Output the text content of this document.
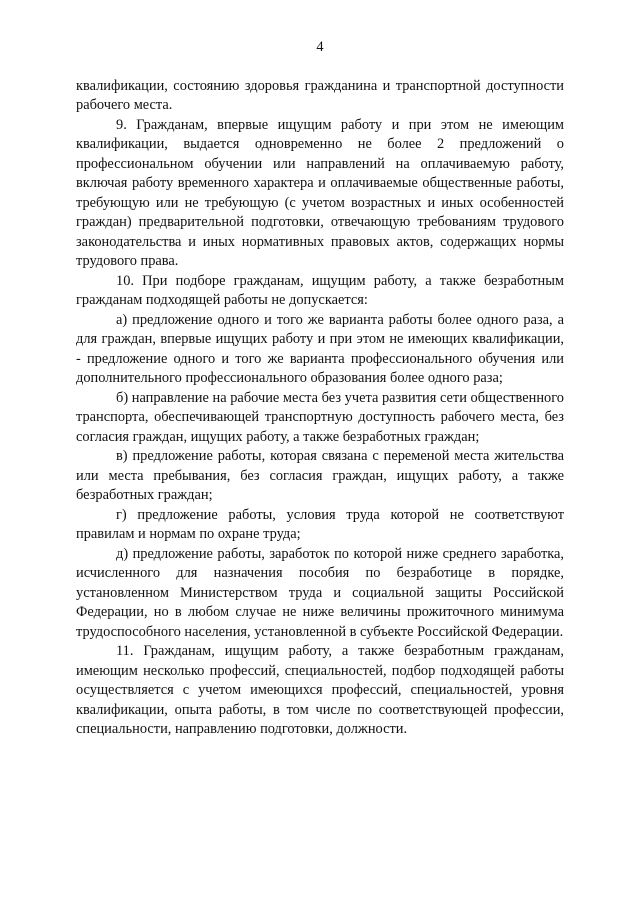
4

квалификации, состоянию здоровья гражданина и транспортной доступности рабочего места.

9. Гражданам, впервые ищущим работу и при этом не имеющим квалификации, выдается одновременно не более 2 предложений о профессиональном обучении или направлений на оплачиваемую работу, включая работу временного характера и оплачиваемые общественные работы, требующую или не требующую (с учетом возрастных и иных особенностей граждан) предварительной подготовки, отвечающую требованиям трудового законодательства и иных нормативных правовых актов, содержащих нормы трудового права.

10. При подборе гражданам, ищущим работу, а также безработным гражданам подходящей работы не допускается:

а) предложение одного и того же варианта работы более одного раза, а для граждан, впервые ищущих работу и при этом не имеющих квалификации, - предложение одного и того же варианта профессионального обучения или дополнительного профессионального образования более одного раза;

б) направление на рабочие места без учета развития сети общественного транспорта, обеспечивающей транспортную доступность рабочего места, без согласия граждан, ищущих работу, а также безработных граждан;

в) предложение работы, которая связана с переменой места жительства или места пребывания, без согласия граждан, ищущих работу, а также безработных граждан;

г) предложение работы, условия труда которой не соответствуют правилам и нормам по охране труда;

д) предложение работы, заработок по которой ниже среднего заработка, исчисленного для назначения пособия по безработице в порядке, установленном Министерством труда и социальной защиты Российской Федерации, но в любом случае не ниже величины прожиточного минимума трудоспособного населения, установленной в субъекте Российской Федерации.

11. Гражданам, ищущим работу, а также безработным гражданам, имеющим несколько профессий, специальностей, подбор подходящей работы осуществляется с учетом имеющихся профессий, специальностей, уровня квалификации, опыта работы, в том числе по соответствующей профессии, специальности, направлению подготовки, должности.
